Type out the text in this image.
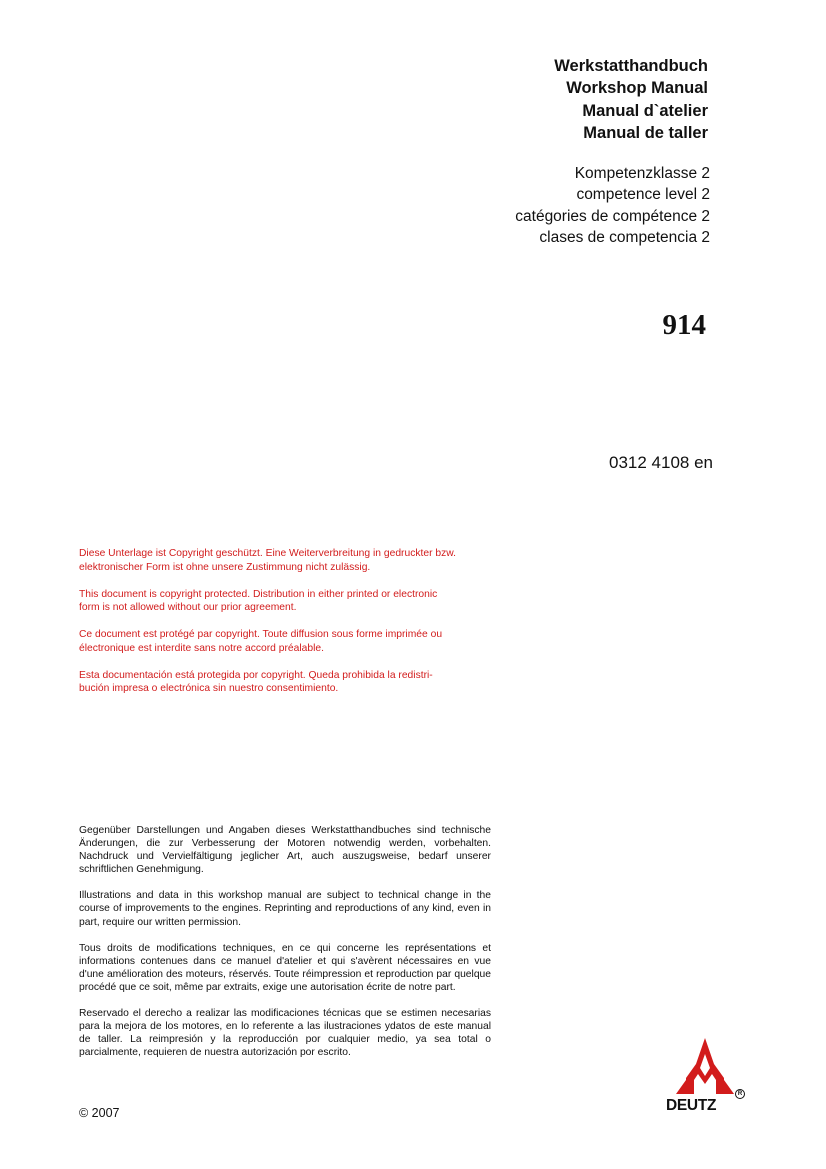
Werkstatthandbuch
Workshop Manual
Manual d`atelier
Manual de taller
Kompetenzklasse 2
competence level 2
catégories de compétence 2
clases de competencia 2
914
0312 4108 en

Diese Unterlage ist Copyright geschützt. Eine Weiterverbreitung in gedruckter bzw.
elektronischer Form ist ohne unsere Zustimmung nicht zulässig.

This document is copyright protected. Distribution in either printed or electronic
form is not allowed without our prior agreement.

Ce document est protégé par copyright. Toute diffusion sous forme imprimée ou
électronique est interdite sans notre accord préalable.

Esta documentación está protegida por copyright. Queda prohibida la redistri-
bución impresa o electrónica sin nuestro consentimiento.

Gegenüber Darstellungen und Angaben dieses Werkstatthandbuches sind technische Änderungen, die zur Verbesserung der Motoren notwendig werden, vorbehalten. Nachdruck und Vervielfältigung jeglicher Art, auch auszugsweise, bedarf unserer schriftlichen Genehmigung.

Illustrations and data in this workshop manual are subject to technical change in the course of improvements to the engines. Reprinting and reproductions of any kind, even in part, require our written permission.

Tous droits de modifications techniques, en ce qui concerne les représentations et informations contenues dans ce manuel d'atelier et qui s'avèrent nécessaires en vue d'une amélioration des moteurs, réservés. Toute réimpression et reproduction par quelque procédé que ce soit, même par extraits, exige une autorisation écrite de notre part.

Reservado el derecho a realizar las modificaciones técnicas que se estimen necesarias para la mejora de los motores, en lo referente a las ilustraciones ydatos de este manual de taller. La reimpresión y la reproducción por cualquier medio, ya sea total o parcialmente, requieren de nuestra autorización por escrito.

© 2007	DEUTZ
R
